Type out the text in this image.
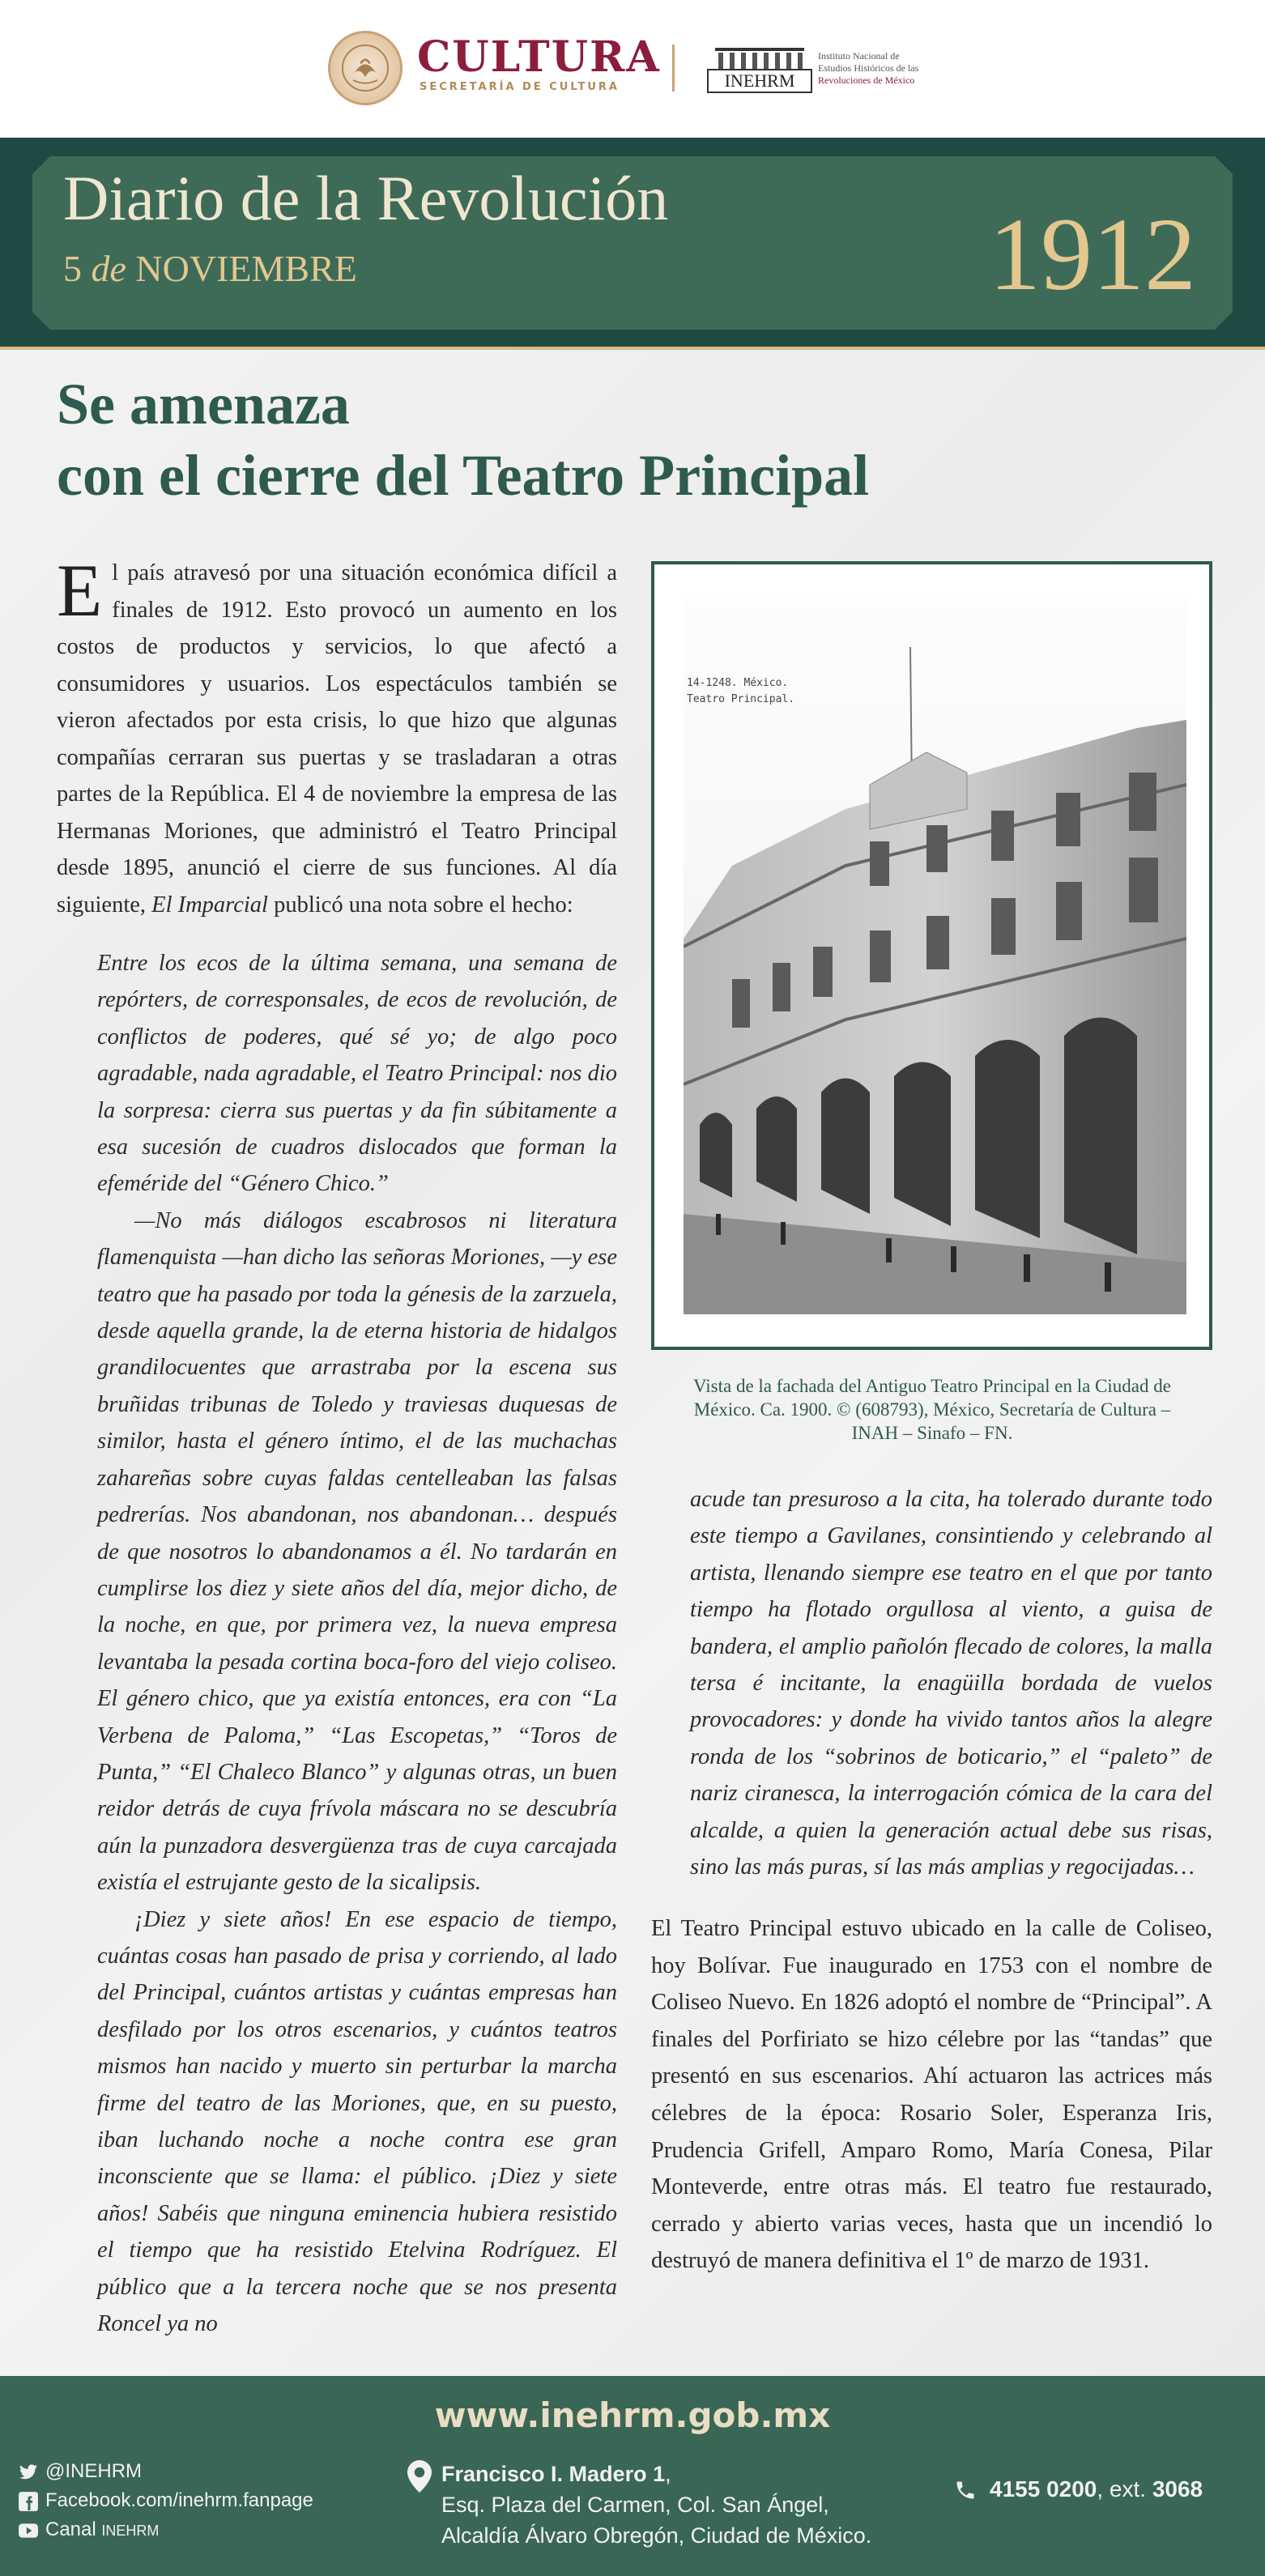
CULTURA
SECRETARÍA DE CULTURA	INEHRM
Instituto Nacional de
Estudios Históricos de las
Revoluciones de México
Diario de la Revolución
5 de NOVIEMBRE	1912
Se amenaza
con el cierre del Teatro Principal
El país atravesó por una situación económica difícil a finales de 1912. Esto provocó un aumento en los costos de productos y servicios, lo que afectó a consumidores y usuarios. Los espectáculos también se vieron afectados por esta crisis, lo que hizo que algunas compañías cerraran sus puertas y se trasladaran a otras partes de la República. El 4 de noviembre la empresa de las Hermanas Moriones, que administró el Teatro Principal desde 1895, anunció el cierre de sus funciones. Al día siguiente, El Imparcial publicó una nota sobre el hecho:

Entre los ecos de la última semana, una semana de repórters, de corresponsales, de ecos de revolución, de conflictos de poderes, qué sé yo; de algo poco agradable, nada agradable, el Teatro Principal: nos dio la sorpresa: cierra sus puertas y da fin súbitamente a esa sucesión de cuadros dislocados que forman la efeméride del “Género Chico.”

—No más diálogos escabrosos ni literatura flamenquista —han dicho las señoras Moriones, —y ese teatro que ha pasado por toda la génesis de la zarzuela, desde aquella grande, la de eterna historia de hidalgos grandilocuentes que arrastraba por la escena sus bruñidas tribunas de Toledo y traviesas duquesas de similor, hasta el género íntimo, el de las muchachas zahareñas sobre cuyas faldas centelleaban las falsas pedrerías. Nos abandonan, nos abandonan… después de que nosotros lo abandonamos a él. No tardarán en cumplirse los diez y siete años del día, mejor dicho, de la noche, en que, por primera vez, la nueva empresa levantaba la pesada cortina boca-foro del viejo coliseo. El género chico, que ya existía entonces, era con “La Verbena de Paloma,” “Las Escopetas,” “Toros de Punta,” “El Chaleco Blanco” y algunas otras, un buen reidor detrás de cuya frívola máscara no se descubría aún la punzadora desvergüenza tras de cuya carcajada existía el estrujante gesto de la sicalipsis.

¡Diez y siete años! En ese espacio de tiempo, cuántas cosas han pasado de prisa y corriendo, al lado del Principal, cuántos artistas y cuántas empresas han desfilado por los otros escenarios, y cuántos teatros mismos han nacido y muerto sin perturbar la marcha firme del teatro de las Moriones, que, en su puesto, iban luchando noche a noche contra ese gran inconsciente que se llama: el público. ¡Diez y siete años! Sabéis que ninguna eminencia hubiera resistido el tiempo que ha resistido Etelvina Rodríguez. El público que a la tercera noche que se nos presenta Roncel ya no

acude tan presuroso a la cita, ha tolerado durante todo este tiempo a Gavilanes, consintiendo y celebrando al artista, llenando siempre ese teatro en el que por tanto tiempo ha flotado orgullosa al viento, a guisa de bandera, el amplio pañolón flecado de colores, la malla tersa é incitante, la enagüilla bordada de vuelos provocadores: y donde ha vivido tantos años la alegre ronda de los “sobrinos de boticario,” el “paleto” de nariz ciranesca, la interrogación cómica de la cara del alcalde, a quien la generación actual debe sus risas, sino las más puras, sí las más amplias y regocijadas…

El Teatro Principal estuvo ubicado en la calle de Coliseo, hoy Bolívar. Fue inaugurado en 1753 con el nombre de Coliseo Nuevo. En 1826 adoptó el nombre de “Principal”. A finales del Porfiriato se hizo célebre por las “tandas” que presentó en sus escenarios. Ahí actuaron las actrices más célebres de la época: Rosario Soler, Esperanza Iris, Prudencia Grifell, Amparo Romo, María Conesa, Pilar Monteverde, entre otras más. El teatro fue restaurado, cerrado y abierto varias veces, hasta que un incendió lo destruyó de manera definitiva el 1º de marzo de 1931.
14-1248. México.
Teatro Principal.
Vista de la fachada del Antiguo Teatro Principal en la Ciudad de México. Ca. 1900. © (608793), México, Secretaría de Cultura – INAH – Sinafo – FN.
www.inehrm.gob.mx
@INEHRM
Facebook.com/inehrm.fanpage
Canal INEHRM
Francisco I. Madero 1,
Esq. Plaza del Carmen, Col. San Ángel,
Alcaldía Álvaro Obregón, Ciudad de México.
4155 0200, ext. 3068
